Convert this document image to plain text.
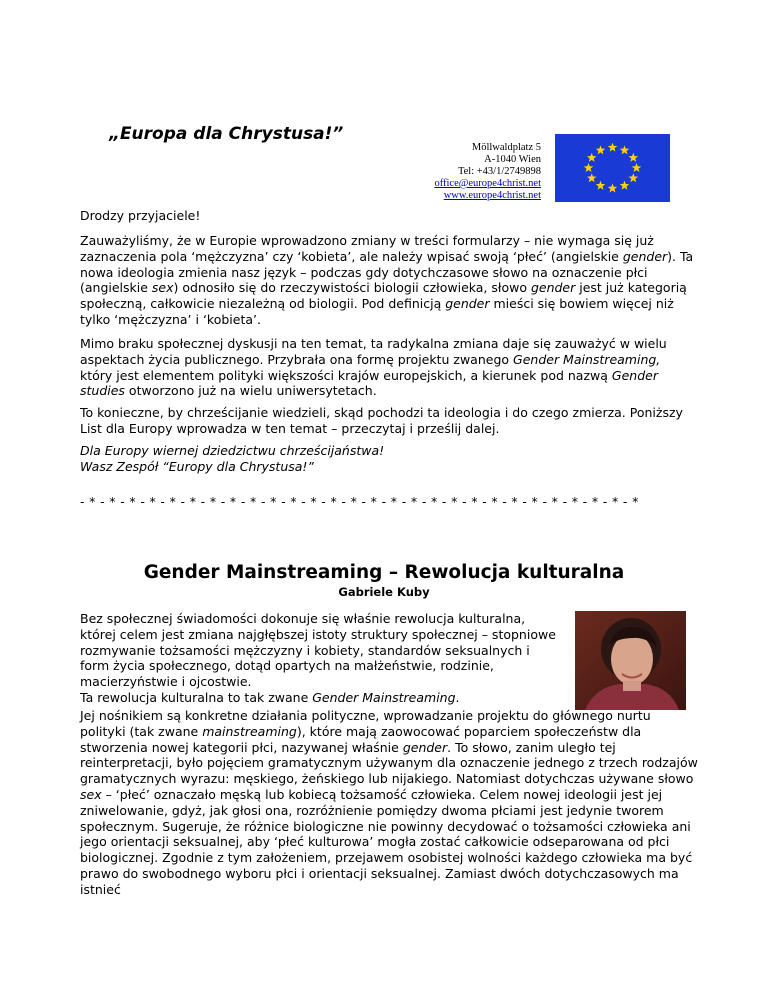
„Europa dla Chrystusa!”
Möllwaldplatz 5
A-1040 Wien
Tel: +43/1/2749898
office@europe4christ.net
www.europe4christ.net
Drodzy przyjaciele!
Zauważyliśmy, że w Europie wprowadzono zmiany w treści formularzy – nie wymaga się już zaznaczenia pola ‘mężczyzna’ czy ‘kobieta’, ale należy wpisać swoją ‘płeć’ (angielskie gender). Ta nowa ideologia zmienia nasz język – podczas gdy dotychczasowe słowo na oznaczenie płci (angielskie sex) odnosiło się do rzeczywistości biologii człowieka, słowo gender jest już kategorią społeczną, całkowicie niezależną od biologii. Pod definicją gender mieści się bowiem więcej niż tylko ‘mężczyzna’ i ‘kobieta’.
Mimo braku społecznej dyskusji na ten temat, ta radykalna zmiana daje się zauważyć w wielu aspektach życia publicznego. Przybrała ona formę projektu zwanego Gender Mainstreaming, który jest elementem polityki większości krajów europejskich, a kierunek pod nazwą Gender studies otworzono już na wielu uniwersytetach.
To konieczne, by chrześcijanie wiedzieli, skąd pochodzi ta ideologia i do czego zmierza. Poniższy List dla Europy wprowadza w ten temat – przeczytaj i prześlij dalej.
Dla Europy wiernej dziedzictwu chrześcijaństwa!
Wasz Zespół “Europy dla Chrystusa!”
- * - * - * - * - * - * - * - * - * - * - * - * - * - * - * - * - * - * - * - * - * - * - * - * - * - * - * - *
Gender Mainstreaming – Rewolucja kulturalna
Gabriele Kuby
Bez społecznej świadomości dokonuje się właśnie rewolucja kulturalna, której celem jest zmiana najgłębszej istoty struktury społecznej – stopniowe rozmywanie tożsamości mężczyzny i kobiety, standardów seksualnych i form życia społecznego, dotąd opartych na małżeństwie, rodzinie, macierzyństwie i ojcostwie.
Ta rewolucja kulturalna to tak zwane Gender Mainstreaming.
Jej nośnikiem są konkretne działania polityczne, wprowadzanie projektu do głównego nurtu polityki (tak zwane mainstreaming), które mają zaowocować poparciem społeczeństw dla stworzenia nowej kategorii płci, nazywanej właśnie gender. To słowo, zanim uległo tej reinterpretacji, było pojęciem gramatycznym używanym dla oznaczenie jednego z trzech rodzajów gramatycznych wyrazu: męskiego, żeńskiego lub nijakiego. Natomiast dotychczas używane słowo sex – ‘płeć’ oznaczało męską lub kobiecą tożsamość człowieka. Celem nowej ideologii jest jej zniwelowanie, gdyż, jak głosi ona, rozróżnienie pomiędzy dwoma płciami jest jedynie tworem społecznym. Sugeruje, że różnice biologiczne nie powinny decydować o tożsamości człowieka ani jego orientacji seksualnej, aby ‘płeć kulturowa’ mogła zostać całkowicie odseparowana od płci biologicznej. Zgodnie z tym założeniem, przejawem osobistej wolności każdego człowieka ma być prawo do swobodnego wyboru płci i orientacji seksualnej. Zamiast dwóch dotychczasowych ma istnieć
